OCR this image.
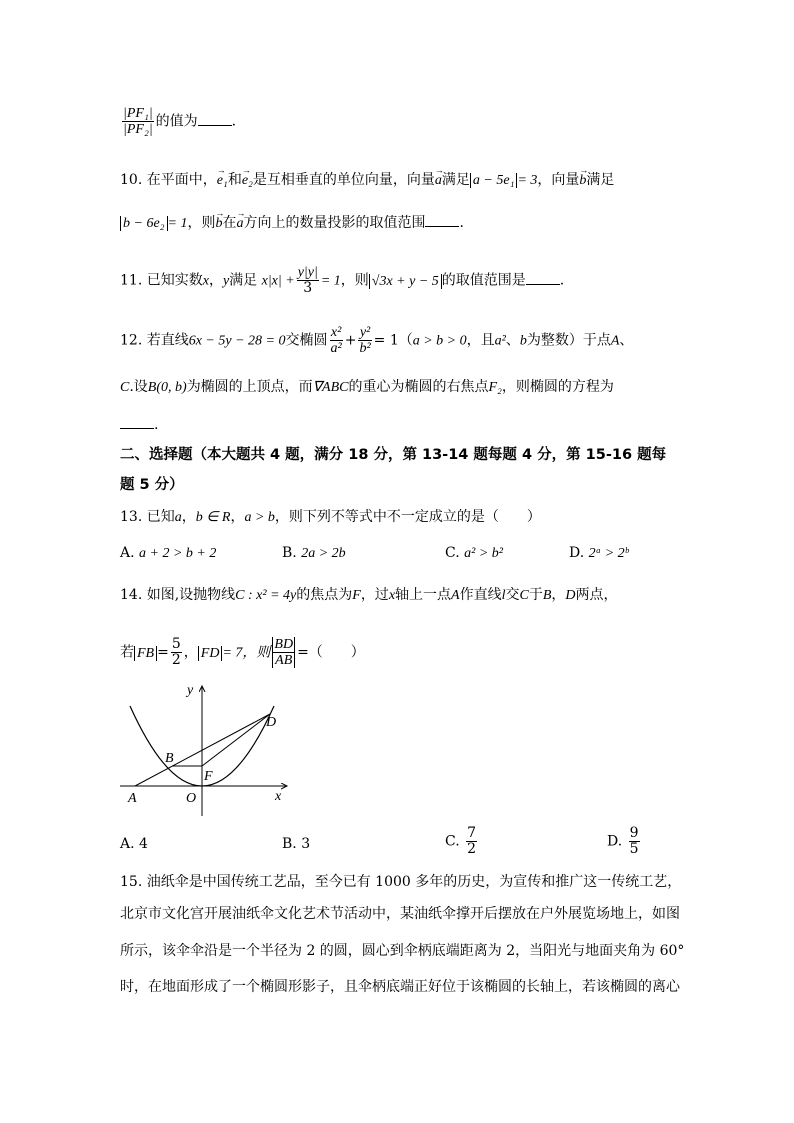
$\frac{\text{|PF₁|}}{\text{|PF₂|}}$ 的值为 .
10. 在平面中，→ e₁和→ e₂是互相垂直的单位向量，向量→ a满足 a − 5e₁ = 3，向量→ b满足
b − 6e₂ = 1，则→ b在→ a方向上的数量投影的取值范围 .
11. 已知实数x，y满足 $x|x| + \frac{y|y|}{3} = 1$，则 √3x + y − 5 的取值范围是 .
12. 若直线6x − 5y − 28 = 0交椭圆 $\frac{\text{x²}}{\text{a²}} + \frac{\text{y²}}{\text{b²}} = 1(a > b > 0$，且a²、b为整数）于点A、
C.设B(0, b)为椭圆的上顶点，而∇ABC的重心为椭圆的右焦点F₂，则椭圆的方程为
.
二、选择题（本大题共 4 题，满分 18 分，第 13-14 题每题 4 分，第 15-16 题每
题 5 分）
13. 已知a，b ∈ R，a > b，则下列不等式中不一定成立的是（　　）
A. a + 2 > b + 2	B. 2a > 2b	C. a² > b²	D. 2ᵃ > 2ᵇ
14. 如图,设抛物线C : x² = 4y的焦点为F，过x轴上一点A作直线l交C于B，D两点，
若 FB = $\frac{5}{2}$ ， FD = 7，则 $\frac{BD}{AB}$ =（　　）
y
x
D
B
F
A	O
A. 4	B. 3	C. $\frac{7}{2}$	D. $\frac{9}{5}$
15. 油纸伞是中国传统工艺品，至今已有 1000 多年的历史，为宣传和推广这一传统工艺，
北京市文化宫开展油纸伞文化艺术节活动中，某油纸伞撑开后摆放在户外展览场地上，如图
所示，该伞伞沿是一个半径为 2 的圆，圆心到伞柄底端距离为 2，当阳光与地面夹角为 60°
时，在地面形成了一个椭圆形影子，且伞柄底端正好位于该椭圆的长轴上，若该椭圆的离心
